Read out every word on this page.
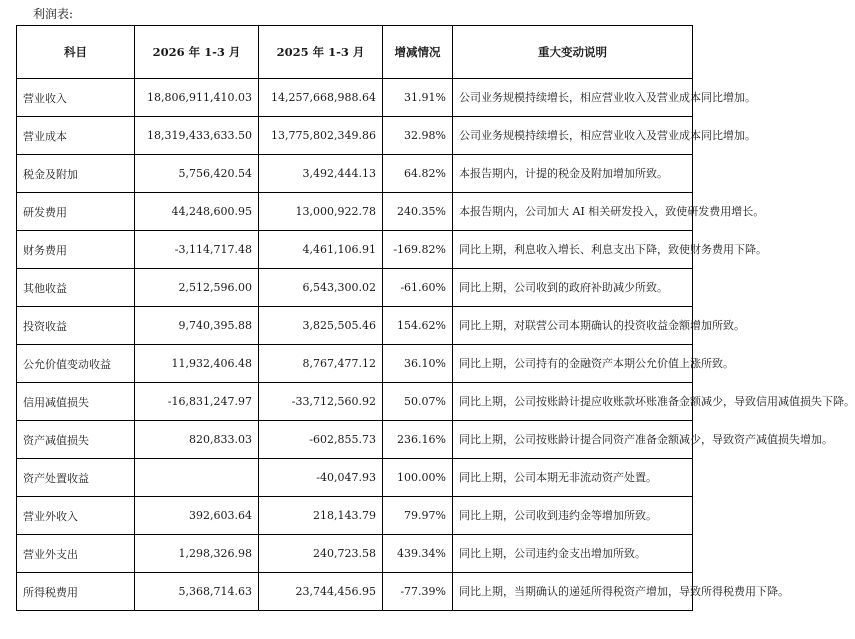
利润表:
科目	2026 年 1-3 月	2025 年 1-3 月	增减情况	重大变动说明
营业收入	18,806,911,410.03	14,257,668,988.64	31.91%	公司业务规模持续增长，相应营业收入及营业成本同比增加。
营业成本	18,319,433,633.50	13,775,802,349.86	32.98%	公司业务规模持续增长，相应营业收入及营业成本同比增加。
税金及附加	5,756,420.54	3,492,444.13	64.82%	本报告期内，计提的税金及附加增加所致。
研发费用	44,248,600.95	13,000,922.78	240.35%	本报告期内，公司加大 AI 相关研发投入，致使研发费用增长。
财务费用	-3,114,717.48	4,461,106.91	-169.82%	同比上期，利息收入增长、利息支出下降，致使财务费用下降。
其他收益	2,512,596.00	6,543,300.02	-61.60%	同比上期，公司收到的政府补助减少所致。
投资收益	9,740,395.88	3,825,505.46	154.62%	同比上期，对联营公司本期确认的投资收益金额增加所致。
公允价值变动收益	11,932,406.48	8,767,477.12	36.10%	同比上期，公司持有的金融资产本期公允价值上涨所致。
信用减值损失	-16,831,247.97	-33,712,560.92	50.07%	同比上期，公司按账龄计提应收账款坏账准备金额减少，导致信用减值损失下降。
资产减值损失	820,833.03	-602,855.73	236.16%	同比上期，公司按账龄计提合同资产准备金额减少，导致资产减值损失增加。
资产处置收益		-40,047.93	100.00%	同比上期，公司本期无非流动资产处置。
营业外收入	392,603.64	218,143.79	79.97%	同比上期，公司收到违约金等增加所致。
营业外支出	1,298,326.98	240,723.58	439.34%	同比上期，公司违约金支出增加所致。
所得税费用	5,368,714.63	23,744,456.95	-77.39%	同比上期，当期确认的递延所得税资产增加，导致所得税费用下降。
